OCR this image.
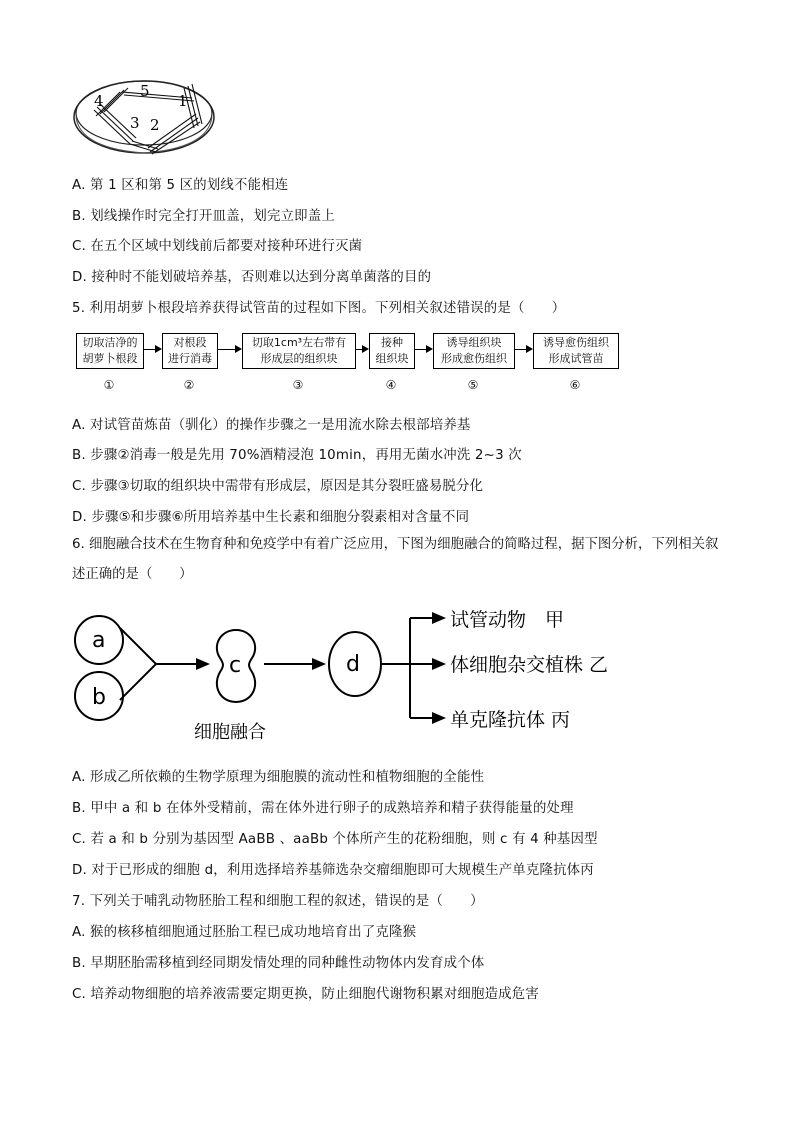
4
5
1
3 2
A. 第 1 区和第 5 区的划线不能相连
B. 划线操作时完全打开皿盖，划完立即盖上
C. 在五个区域中划线前后都要对接种环进行灭菌
D. 接种时不能划破培养基，否则难以达到分离单菌落的目的
5. 利用胡萝卜根段培养获得试管苗的过程如下图。下列相关叙述错误的是（　　）
切取洁净的
胡萝卜根段
对根段
进行消毒
切取1cm³左右带有
形成层的组织块
接种
组织块
诱导组织块
形成愈伤组织
诱导愈伤组织
形成试管苗
①	②	③	④	⑤	⑥
A. 对试管苗炼苗（驯化）的操作步骤之一是用流水除去根部培养基
B. 步骤②消毒一般是先用 70%酒精浸泡 10min，再用无菌水冲洗 2~3 次
C. 步骤③切取的组织块中需带有形成层，原因是其分裂旺盛易脱分化
D. 步骤⑤和步骤⑥所用培养基中生长素和细胞分裂素相对含量不同
6. 细胞融合技术在生物育种和免疫学中有着广泛应用，下图为细胞融合的简略过程，据下图分析，下列相关叙述正确的是（　　）
a
b
c	d
试管动物　甲
体细胞杂交植株 乙
单克隆抗体 丙
细胞融合
A. 形成乙所依赖的生物学原理为细胞膜的流动性和植物细胞的全能性
B. 甲中 a 和 b 在体外受精前，需在体外进行卵子的成熟培养和精子获得能量的处理
C. 若 a 和 b 分别为基因型 AaBB 、aaBb 个体所产生的花粉细胞，则 c 有 4 种基因型
D. 对于已形成的细胞 d，利用选择培养基筛选杂交瘤细胞即可大规模生产单克隆抗体丙
7. 下列关于哺乳动物胚胎工程和细胞工程的叙述，错误的是（　　）
A. 猴的核移植细胞通过胚胎工程已成功地培育出了克隆猴
B. 早期胚胎需移植到经同期发情处理的同种雌性动物体内发育成个体
C. 培养动物细胞的培养液需要定期更换，防止细胞代谢物积累对细胞造成危害
